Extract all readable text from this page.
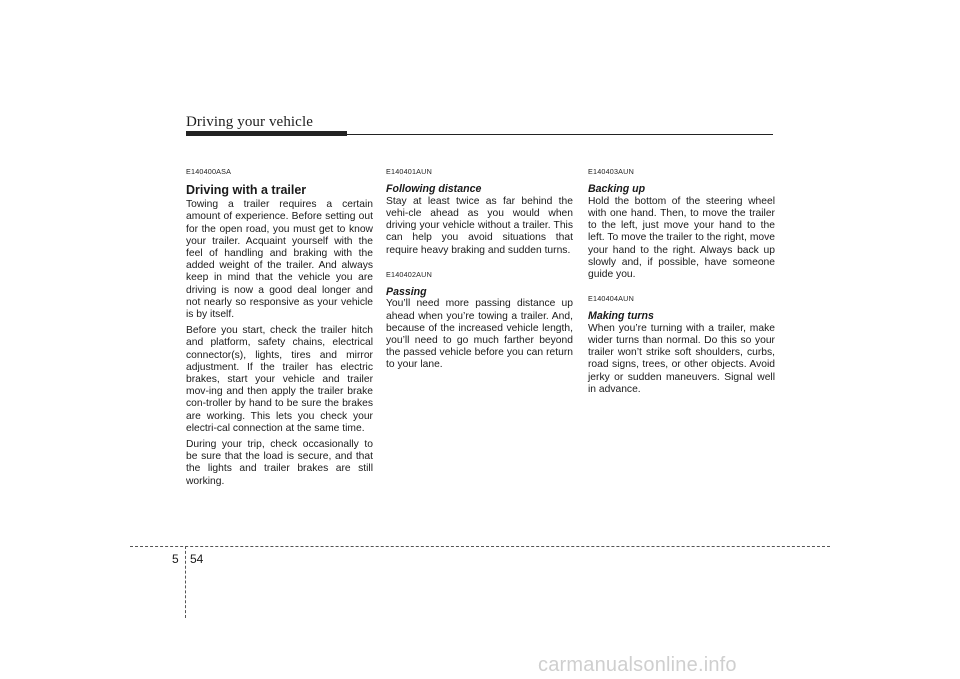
Driving your vehicle
E140400ASA
Driving with a trailer

Towing a trailer requires a certain amount of experience. Before setting out for the open road, you must get to know your trailer. Acquaint yourself with the feel of handling and braking with the added weight of the trailer. And always keep in mind that the vehicle you are driving is now a good deal longer and not nearly so responsive as your vehicle is by itself.

Before you start, check the trailer hitch and platform, safety chains, electrical connector(s), lights, tires and mirror adjustment. If the trailer has electric brakes, start your vehicle and trailer mov-ing and then apply the trailer brake con-troller by hand to be sure the brakes are working. This lets you check your electri-cal connection at the same time.

During your trip, check occasionally to be sure that the load is secure, and that the lights and trailer brakes are still working.

E140401AUN
Following distance

Stay at least twice as far behind the vehi-cle ahead as you would when driving your vehicle without a trailer. This can help you avoid situations that require heavy braking and sudden turns.

E140402AUN
Passing

You’ll need more passing distance up ahead when you’re towing a trailer. And, because of the increased vehicle length, you’ll need to go much farther beyond the passed vehicle before you can return to your lane.

E140403AUN
Backing up

Hold the bottom of the steering wheel with one hand. Then, to move the trailer to the left, just move your hand to the left. To move the trailer to the right, move your hand to the right. Always back up slowly and, if possible, have someone guide you.

E140404AUN
Making turns

When you’re turning with a trailer, make wider turns than normal. Do this so your trailer won’t strike soft shoulders, curbs, road signs, trees, or other objects. Avoid jerky or sudden maneuvers. Signal well in advance.

5 54
carmanualsonline.info
